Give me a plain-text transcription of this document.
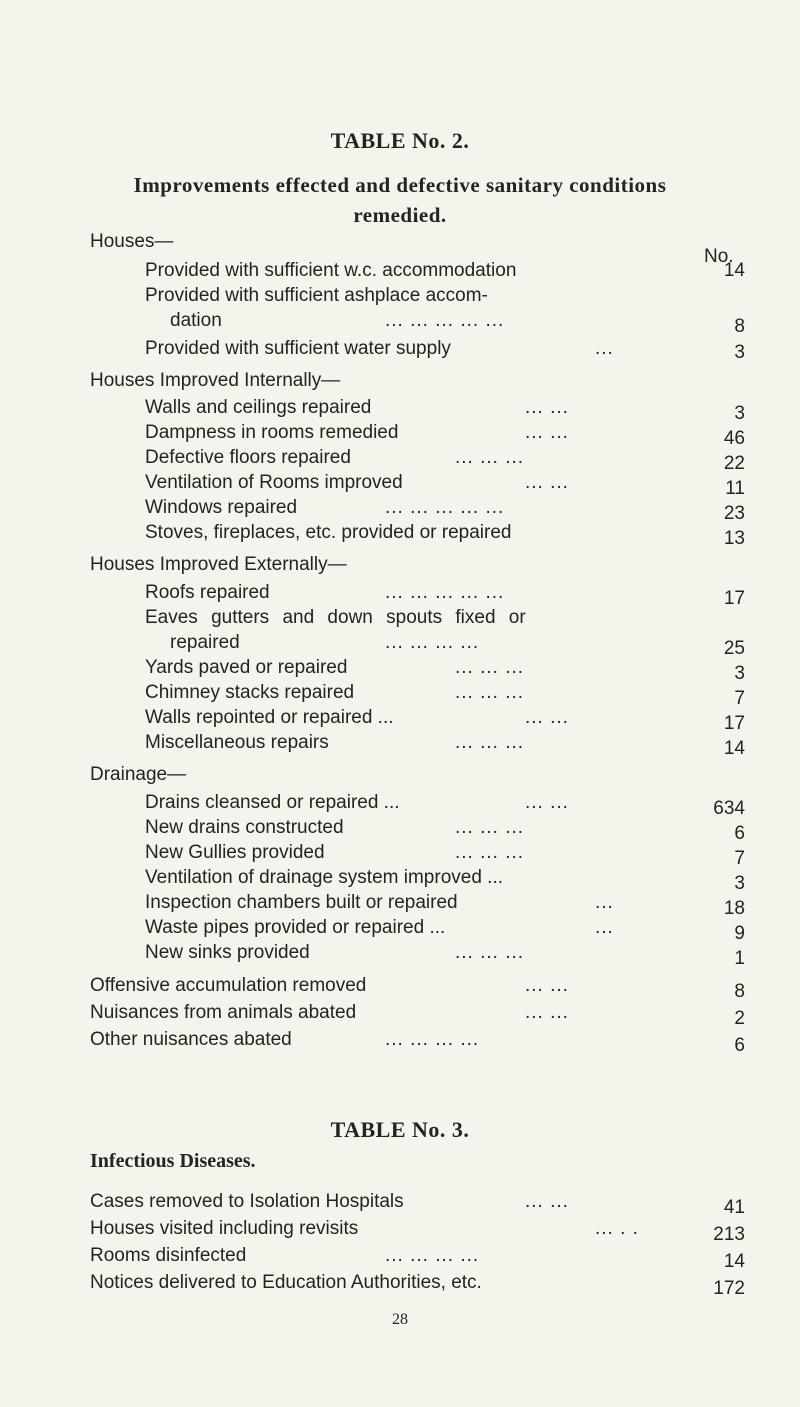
TABLE No. 2.
Improvements effected and defective sanitary conditions
remedied.
Houses—
No.
Provided with sufficient w.c. accommodation	14
Provided with sufficient ashplace accom-
dation	... ... ... ... ...	8
Provided with sufficient water supply	...	3
Houses Improved Internally—
Walls and ceilings repaired	... ...	3
Dampness in rooms remedied	... ...	46
Defective floors repaired	... ... ...	22
Ventilation of Rooms improved	... ...	11
Windows repaired	... ... ... ... ...	23
Stoves, fireplaces, etc. provided or repaired	13
Houses Improved Externally—
Roofs repaired	... ... ... ... ...	17
Eaves gutters and down spouts fixed or
repaired	... ... ... ...	25
Yards paved or repaired	... ... ...	3
Chimney stacks repaired	... ... ...	7
Walls repointed or repaired ...	... ...	17
Miscellaneous repairs	... ... ...	14
Drainage—
Drains cleansed or repaired ...	... ...	634
New drains constructed	... ... ...	6
New Gullies provided	... ... ...	7
Ventilation of drainage system improved ...	3
Inspection chambers built or repaired	...	18
Waste pipes provided or repaired ...	...	9
New sinks provided	... ... ...	1
Offensive accumulation removed	... ...	8
Nuisances from animals abated	... ...	2
Other nuisances abated	... ... ... ...	6
TABLE No. 3.
Infectious Diseases.
Cases removed to Isolation Hospitals	... ...	41
Houses visited including revisits	... . .	213
Rooms disinfected	... ... ... ...	14
Notices delivered to Education Authorities, etc.	172
28
